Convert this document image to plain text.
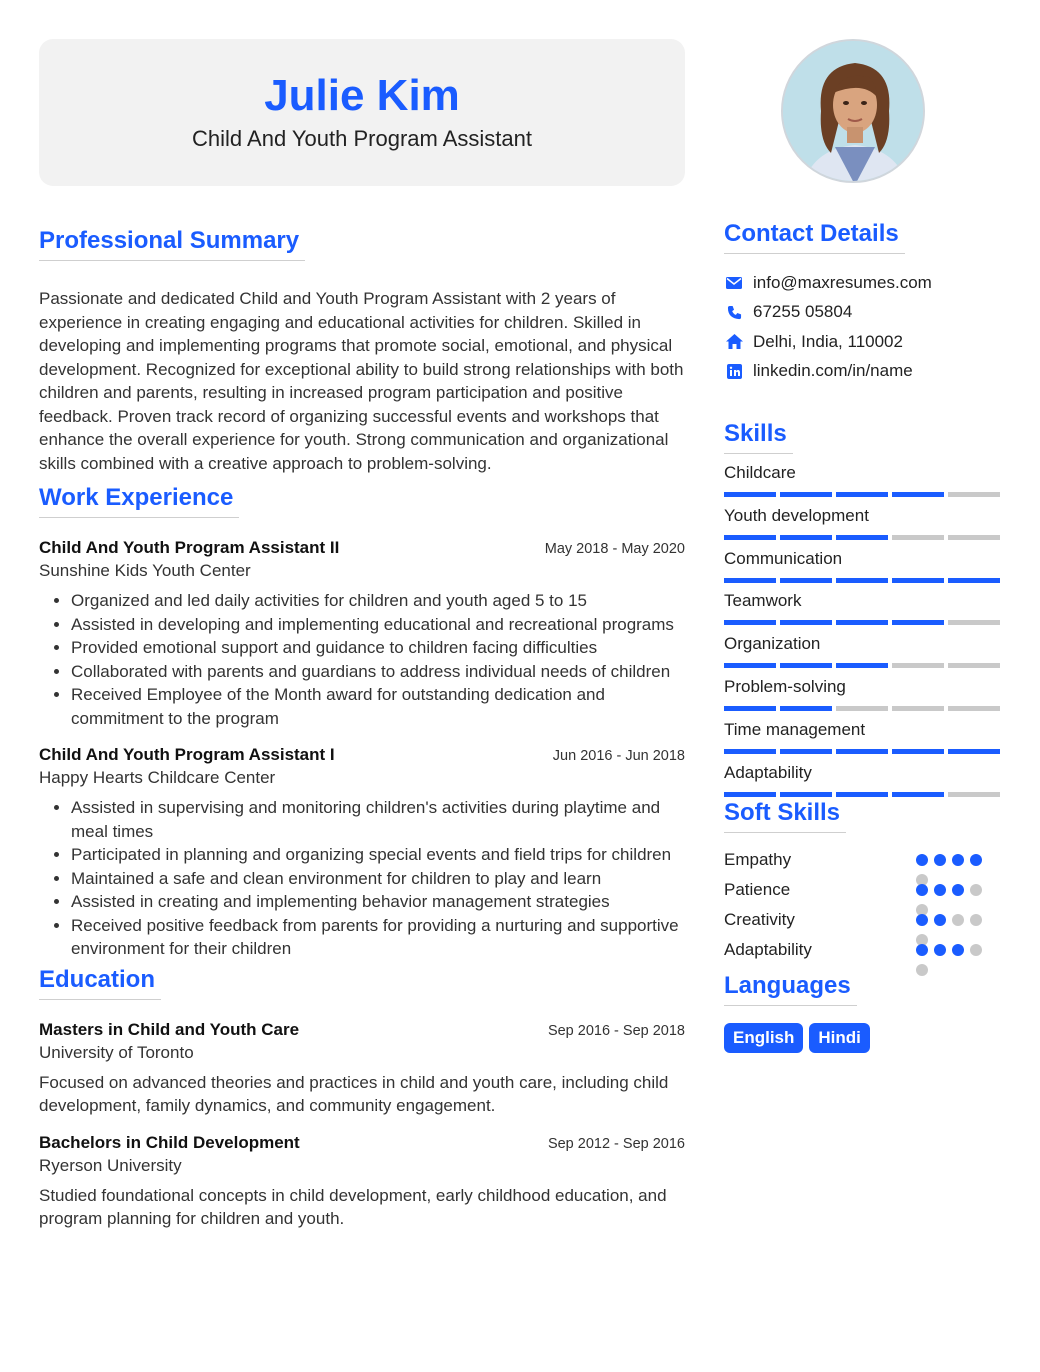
Julie Kim
Child And Youth Program Assistant
Professional Summary
Passionate and dedicated Child and Youth Program Assistant with 2 years of experience in creating engaging and educational activities for children. Skilled in developing and implementing programs that promote social, emotional, and physical development. Recognized for exceptional ability to build strong relationships with both children and parents, resulting in increased program participation and positive feedback. Proven track record of organizing successful events and workshops that enhance the overall experience for youth. Strong communication and organizational skills combined with a creative approach to problem-solving.
Work Experience
Child And Youth Program Assistant II	May 2018 - May 2020
Sunshine Kids Youth Center
• Organized and led daily activities for children and youth aged 5 to 15
• Assisted in developing and implementing educational and recreational programs
• Provided emotional support and guidance to children facing difficulties
• Collaborated with parents and guardians to address individual needs of children
• Received Employee of the Month award for outstanding dedication and commitment to the program
Child And Youth Program Assistant I	Jun 2016 - Jun 2018
Happy Hearts Childcare Center
• Assisted in supervising and monitoring children's activities during playtime and meal times
• Participated in planning and organizing special events and field trips for children
• Maintained a safe and clean environment for children to play and learn
• Assisted in creating and implementing behavior management strategies
• Received positive feedback from parents for providing a nurturing and supportive environment for their children
Education
Masters in Child and Youth Care	Sep 2016 - Sep 2018
University of Toronto
Focused on advanced theories and practices in child and youth care, including child development, family dynamics, and community engagement.
Bachelors in Child Development	Sep 2012 - Sep 2016
Ryerson University
Studied foundational concepts in child development, early childhood education, and program planning for children and youth.
Contact Details
info@maxresumes.com
67255 05804
Delhi, India, 110002
linkedin.com/in/name
Skills
Childcare
Youth development
Communication
Teamwork
Organization
Problem-solving
Time management
Adaptability
Soft Skills
Empathy
Patience
Creativity
Adaptability
Languages
English	Hindi
